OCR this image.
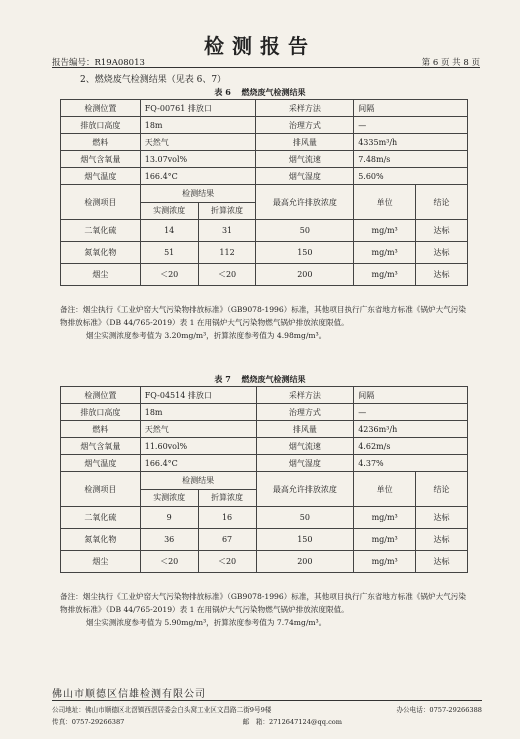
检测报告
报告编号：R19A08013	第 6 页 共 8 页
2、燃烧废气检测结果（见表 6、7）
表 6　 燃烧废气检测结果
检测位置	FQ-00761 排放口		采样方法	间隔	
排放口高度	18m		治理方式	—	
燃料	天然气		排风量	4335m³/h	
烟气含氧量	13.07vol%		烟气流速	7.48m/s	
烟气温度	166.4°C		烟气湿度	5.60%	
检测项目	检测结果		最高允许排放浓度	单位	结论
	实测浓度	折算浓度			
二氧化硫	14	31	50	mg/m³	达标
氮氧化物	51	112	150	mg/m³	达标
烟尘	＜20	＜20	200	mg/m³	达标
备注：烟尘执行《工业炉窑大气污染物排放标准》（GB9078-1996）标准，其他项目执行广东省地方标准《锅炉大气污染物排放标准》（DB 44/765-2019）表 1 在用锅炉大气污染物燃气锅炉排放浓度限值。
烟尘实测浓度参考值为 3.20mg/m³，折算浓度参考值为 4.98mg/m³。
表 7　 燃烧废气检测结果
检测位置	FQ-04514 排放口		采样方法	间隔	
排放口高度	18m		治理方式	—	
燃料	天然气		排风量	4236m³/h	
烟气含氧量	11.60vol%		烟气流速	4.62m/s	
烟气温度	166.4°C		烟气湿度	4.37%	
检测项目	检测结果		最高允许排放浓度	单位	结论
	实测浓度	折算浓度			
二氧化硫	9	16	50	mg/m³	达标
氮氧化物	36	67	150	mg/m³	达标
烟尘	＜20	＜20	200	mg/m³	达标
备注：烟尘执行《工业炉窑大气污染物排放标准》（GB9078-1996）标准，其他项目执行广东省地方标准《锅炉大气污染物排放标准》（DB 44/765-2019）表 1 在用锅炉大气污染物燃气锅炉排放浓度限值。
烟尘实测浓度参考值为 5.90mg/m³，折算浓度参考值为 7.74mg/m³。
佛山市顺德区信雄检测有限公司
公司地址：佛山市顺德区北滘镇西滘居委会白头窝工业区文昌路二街9号9楼	办公电话：0757-29266388
传真：0757-29266387	邮　箱：2712647124@qq.com
